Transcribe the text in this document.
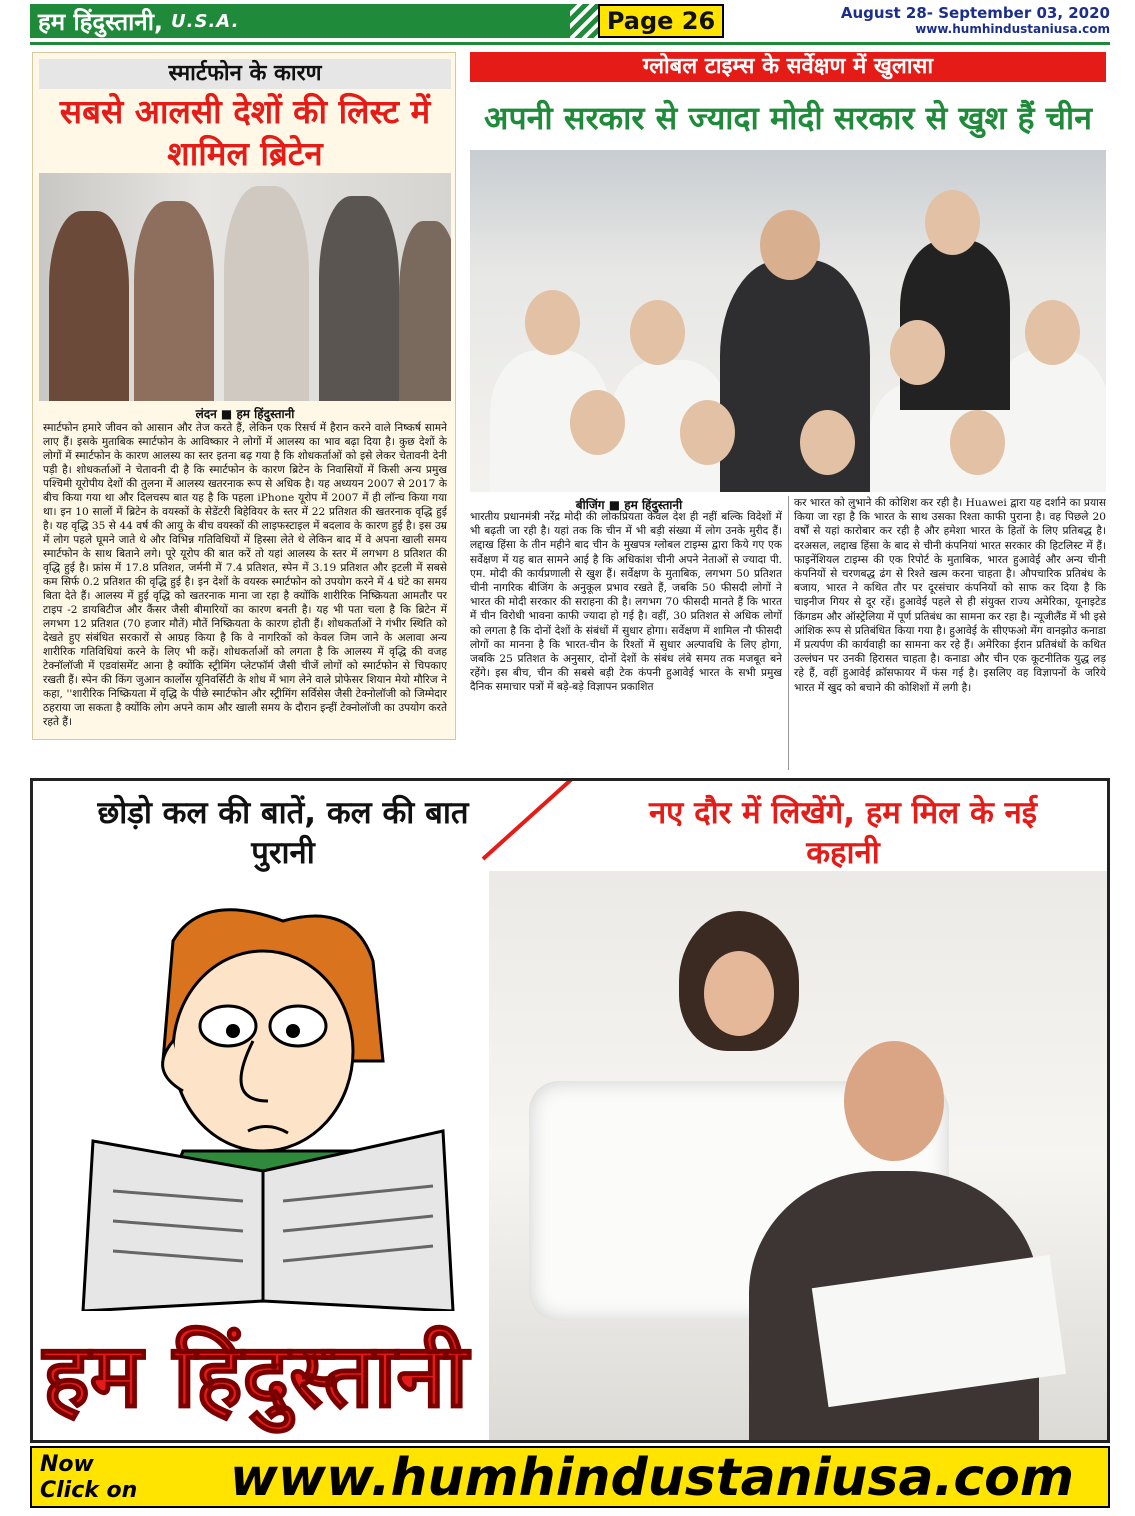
हम हिंदुस्तानी, U.S.A.	Page 26	August 28- September 03, 2020
www.humhindustaniusa.com
स्मार्टफोन के कारण
सबसे आलसी देशों की लिस्ट में शामिल ब्रिटेन
लंदन ■ हम हिंदुस्तानी
स्मार्टफोन हमारे जीवन को आसान और तेज करते हैं, लेकिन एक रिसर्च में हैरान करने वाले निष्कर्ष सामने लाए हैं। इसके मुताबिक स्मार्टफोन के आविष्कार ने लोगों में आलस्य का भाव बढ़ा दिया है। कुछ देशों के लोगों में स्मार्टफोन के कारण आलस्य का स्तर इतना बढ़ गया है कि शोधकर्ताओं को इसे लेकर चेतावनी देनी पड़ी है। शोधकर्ताओं ने चेतावनी दी है कि स्मार्टफोन के कारण ब्रिटेन के निवासियों में किसी अन्य प्रमुख पश्चिमी यूरोपीय देशों की तुलना में आलस्य खतरनाक रूप से अधिक है। यह अध्ययन 2007 से 2017 के बीच किया गया था और दिलचस्प बात यह है कि पहला iPhone यूरोप में 2007 में ही लॉन्च किया गया था। इन 10 सालों में ब्रिटेन के वयस्कों के सेडेंटरी बिहेवियर के स्तर में 22 प्रतिशत की खतरनाक वृद्धि हुई है। यह वृद्धि 35 से 44 वर्ष की आयु के बीच वयस्कों की लाइफस्टाइल में बदलाव के कारण हुई है। इस उम्र में लोग पहले घूमने जाते थे और विभिन्न गतिविधियों में हिस्सा लेते थे लेकिन बाद में वे अपना खाली समय स्मार्टफोन के साथ बिताने लगे। पूरे यूरोप की बात करें तो यहां आलस्य के स्तर में लगभग 8 प्रतिशत की वृद्धि हुई है। फ्रांस में 17.8 प्रतिशत, जर्मनी में 7.4 प्रतिशत, स्पेन में 3.19 प्रतिशत और इटली में सबसे कम सिर्फ 0.2 प्रतिशत की वृद्धि हुई है। इन देशों के वयस्क स्मार्टफोन को उपयोग करने में 4 घंटे का समय बिता देते हैं। आलस्य में हुई वृद्धि को खतरनाक माना जा रहा है क्योंकि शारीरिक निष्क्रियता आमतौर पर टाइप -2 डायबिटीज और कैंसर जैसी बीमारियों का कारण बनती है। यह भी पता चला है कि ब्रिटेन में लगभग 12 प्रतिशत (70 हजार मौतें) मौतें निष्क्रियता के कारण होती हैं। शोधकर्ताओं ने गंभीर स्थिति को देखते हुए संबंधित सरकारों से आग्रह किया है कि वे नागरिकों को केवल जिम जाने के अलावा अन्य शारीरिक गतिविधियां करने के लिए भी कहें। शोधकर्ताओं को लगता है कि आलस्य में वृद्धि की वजह टेक्नॉलॉजी में एडवांसमेंट आना है क्योंकि स्ट्रीमिंग प्लेटफॉर्म जैसी चीजें लोगों को स्मार्टफोन से चिपकाए रखती हैं। स्पेन की किंग जुआन कार्लोस यूनिवर्सिटी के शोध में भाग लेने वाले प्रोफेसर शियान मेयो मौरिज ने कहा, ''शारीरिक निष्क्रियता में वृद्धि के पीछे स्मार्टफोन और स्ट्रीमिंग सर्विसेस जैसी टेक्नोलॉजी को जिम्मेदार ठहराया जा सकता है क्योंकि लोग अपने काम और खाली समय के दौरान इन्हीं टेक्नोलॉजी का उपयोग करते रहते हैं।
ग्लोबल टाइम्स के सर्वेक्षण में खुलासा
अपनी सरकार से ज्यादा मोदी सरकार से खुश हैं चीन
बीजिंग ■ हम हिंदुस्तानी
भारतीय प्रधानमंत्री नरेंद्र मोदी की लोकप्रियता केवल देश ही नहीं बल्कि विदेशों में भी बढ़ती जा रही है। यहां तक कि चीन में भी बड़ी संख्या में लोग उनके मुरीद हैं। लद्दाख हिंसा के तीन महीने बाद चीन के मुखपत्र ग्लोबल टाइम्स द्वारा किये गए एक सर्वेक्षण में यह बात सामने आई है कि अधिकांश चीनी अपने नेताओं से ज्यादा पी. एम. मोदी की कार्यप्रणाली से खुश हैं। सर्वेक्षण के मुताबिक, लगभग 50 प्रतिशत चीनी नागरिक बीजिंग के अनुकूल प्रभाव रखते हैं, जबकि 50 फीसदी लोगों ने भारत की मोदी सरकार की सराहना की है। लगभग 70 फीसदी मानते हैं कि भारत में चीन विरोधी भावना काफी ज्यादा हो गई है। वहीं, 30 प्रतिशत से अधिक लोगों को लगता है कि दोनों देशों के संबंधों में सुधार होगा। सर्वेक्षण में शामिल नौ फीसदी लोगों का मानना है कि भारत-चीन के रिश्तों में सुधार अल्पावधि के लिए होगा, जबकि 25 प्रतिशत के अनुसार, दोनों देशों के संबंध लंबे समय तक मजबूत बने रहेंगे। इस बीच, चीन की सबसे बड़ी टेक कंपनी हुआवेई भारत के सभी प्रमुख दैनिक समाचार पत्रों में बड़े-बड़े विज्ञापन प्रकाशित
कर भारत को लुभाने की कोशिश कर रही है। Huawei द्वारा यह दर्शाने का प्रयास किया जा रहा है कि भारत के साथ उसका रिश्ता काफी पुराना है। वह पिछले 20 वर्षों से यहां कारोबार कर रही है और हमेशा भारत के हितों के लिए प्रतिबद्ध है। दरअसल, लद्दाख हिंसा के बाद से चीनी कंपनियां भारत सरकार की हिटलिस्ट में हैं। फाइनेंशियल टाइम्स की एक रिपोर्ट के मुताबिक, भारत हुआवेई और अन्य चीनी कंपनियों से चरणबद्ध ढंग से रिश्ते खत्म करना चाहता है। औपचारिक प्रतिबंध के बजाय, भारत ने कथित तौर पर दूरसंचार कंपनियों को साफ कर दिया है कि चाइनीज गियर से दूर रहें। हुआवेई पहले से ही संयुक्त राज्य अमेरिका, यूनाइटेड किंगडम और ऑस्ट्रेलिया में पूर्ण प्रतिबंध का सामना कर रहा है। न्यूजीलैंड में भी इसे आंशिक रूप से प्रतिबंधित किया गया है। हुआवेई के सीएफओ मेंग वानझोउ कनाडा में प्रत्यर्पण की कार्यवाही का सामना कर रहे हैं। अमेरिका ईरान प्रतिबंधों के कथित उल्लंघन पर उनकी हिरासत चाहता है। कनाडा और चीन एक कूटनीतिक युद्ध लड़ रहे हैं, वहीं हुआवेई क्रॉसफायर में फंस गई है। इसलिए वह विज्ञापनों के जरिये भारत में खुद को बचाने की कोशिशों में लगी है।
छोड़ो कल की बातें, कल की बात पुरानी
नए दौर में लिखेंगे, हम मिल के नई कहानी
हम हिंदुस्तानी
Now
Click on	www.humhindustaniusa.com
